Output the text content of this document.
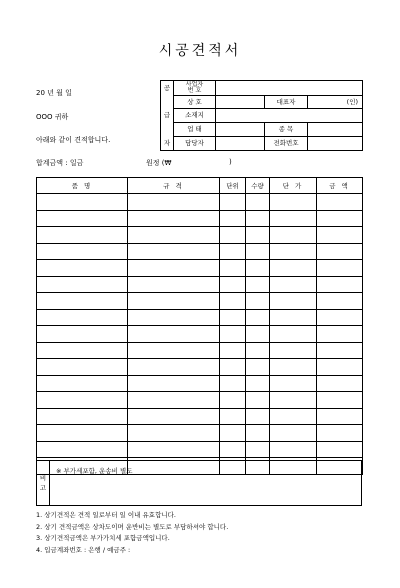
시공견적서
20 년 월 일
OOO 귀하
아래와 같이 견적합니다.
공	사업자
번 호			
	상 호		대표자	(인)
급	소재지			
	업 태		종 목	
자	담당자		전화번호	
합계금액 : 일금	원정 (₩	)
품 명	규 격	단위	수량	단 가	금 액

비
고	※ 부가세포함, 운송비 별도
1. 상기견적은 견적 일로부터 일 이내 유효합니다.
2. 상기 견적금액은 상차도이며 운반비는 별도로 부담하셔야 합니다.
3. 상기견적금액은 부가가치세 포함금액입니다.
4. 입금계좌번호 : 은행 / 예금주 :
